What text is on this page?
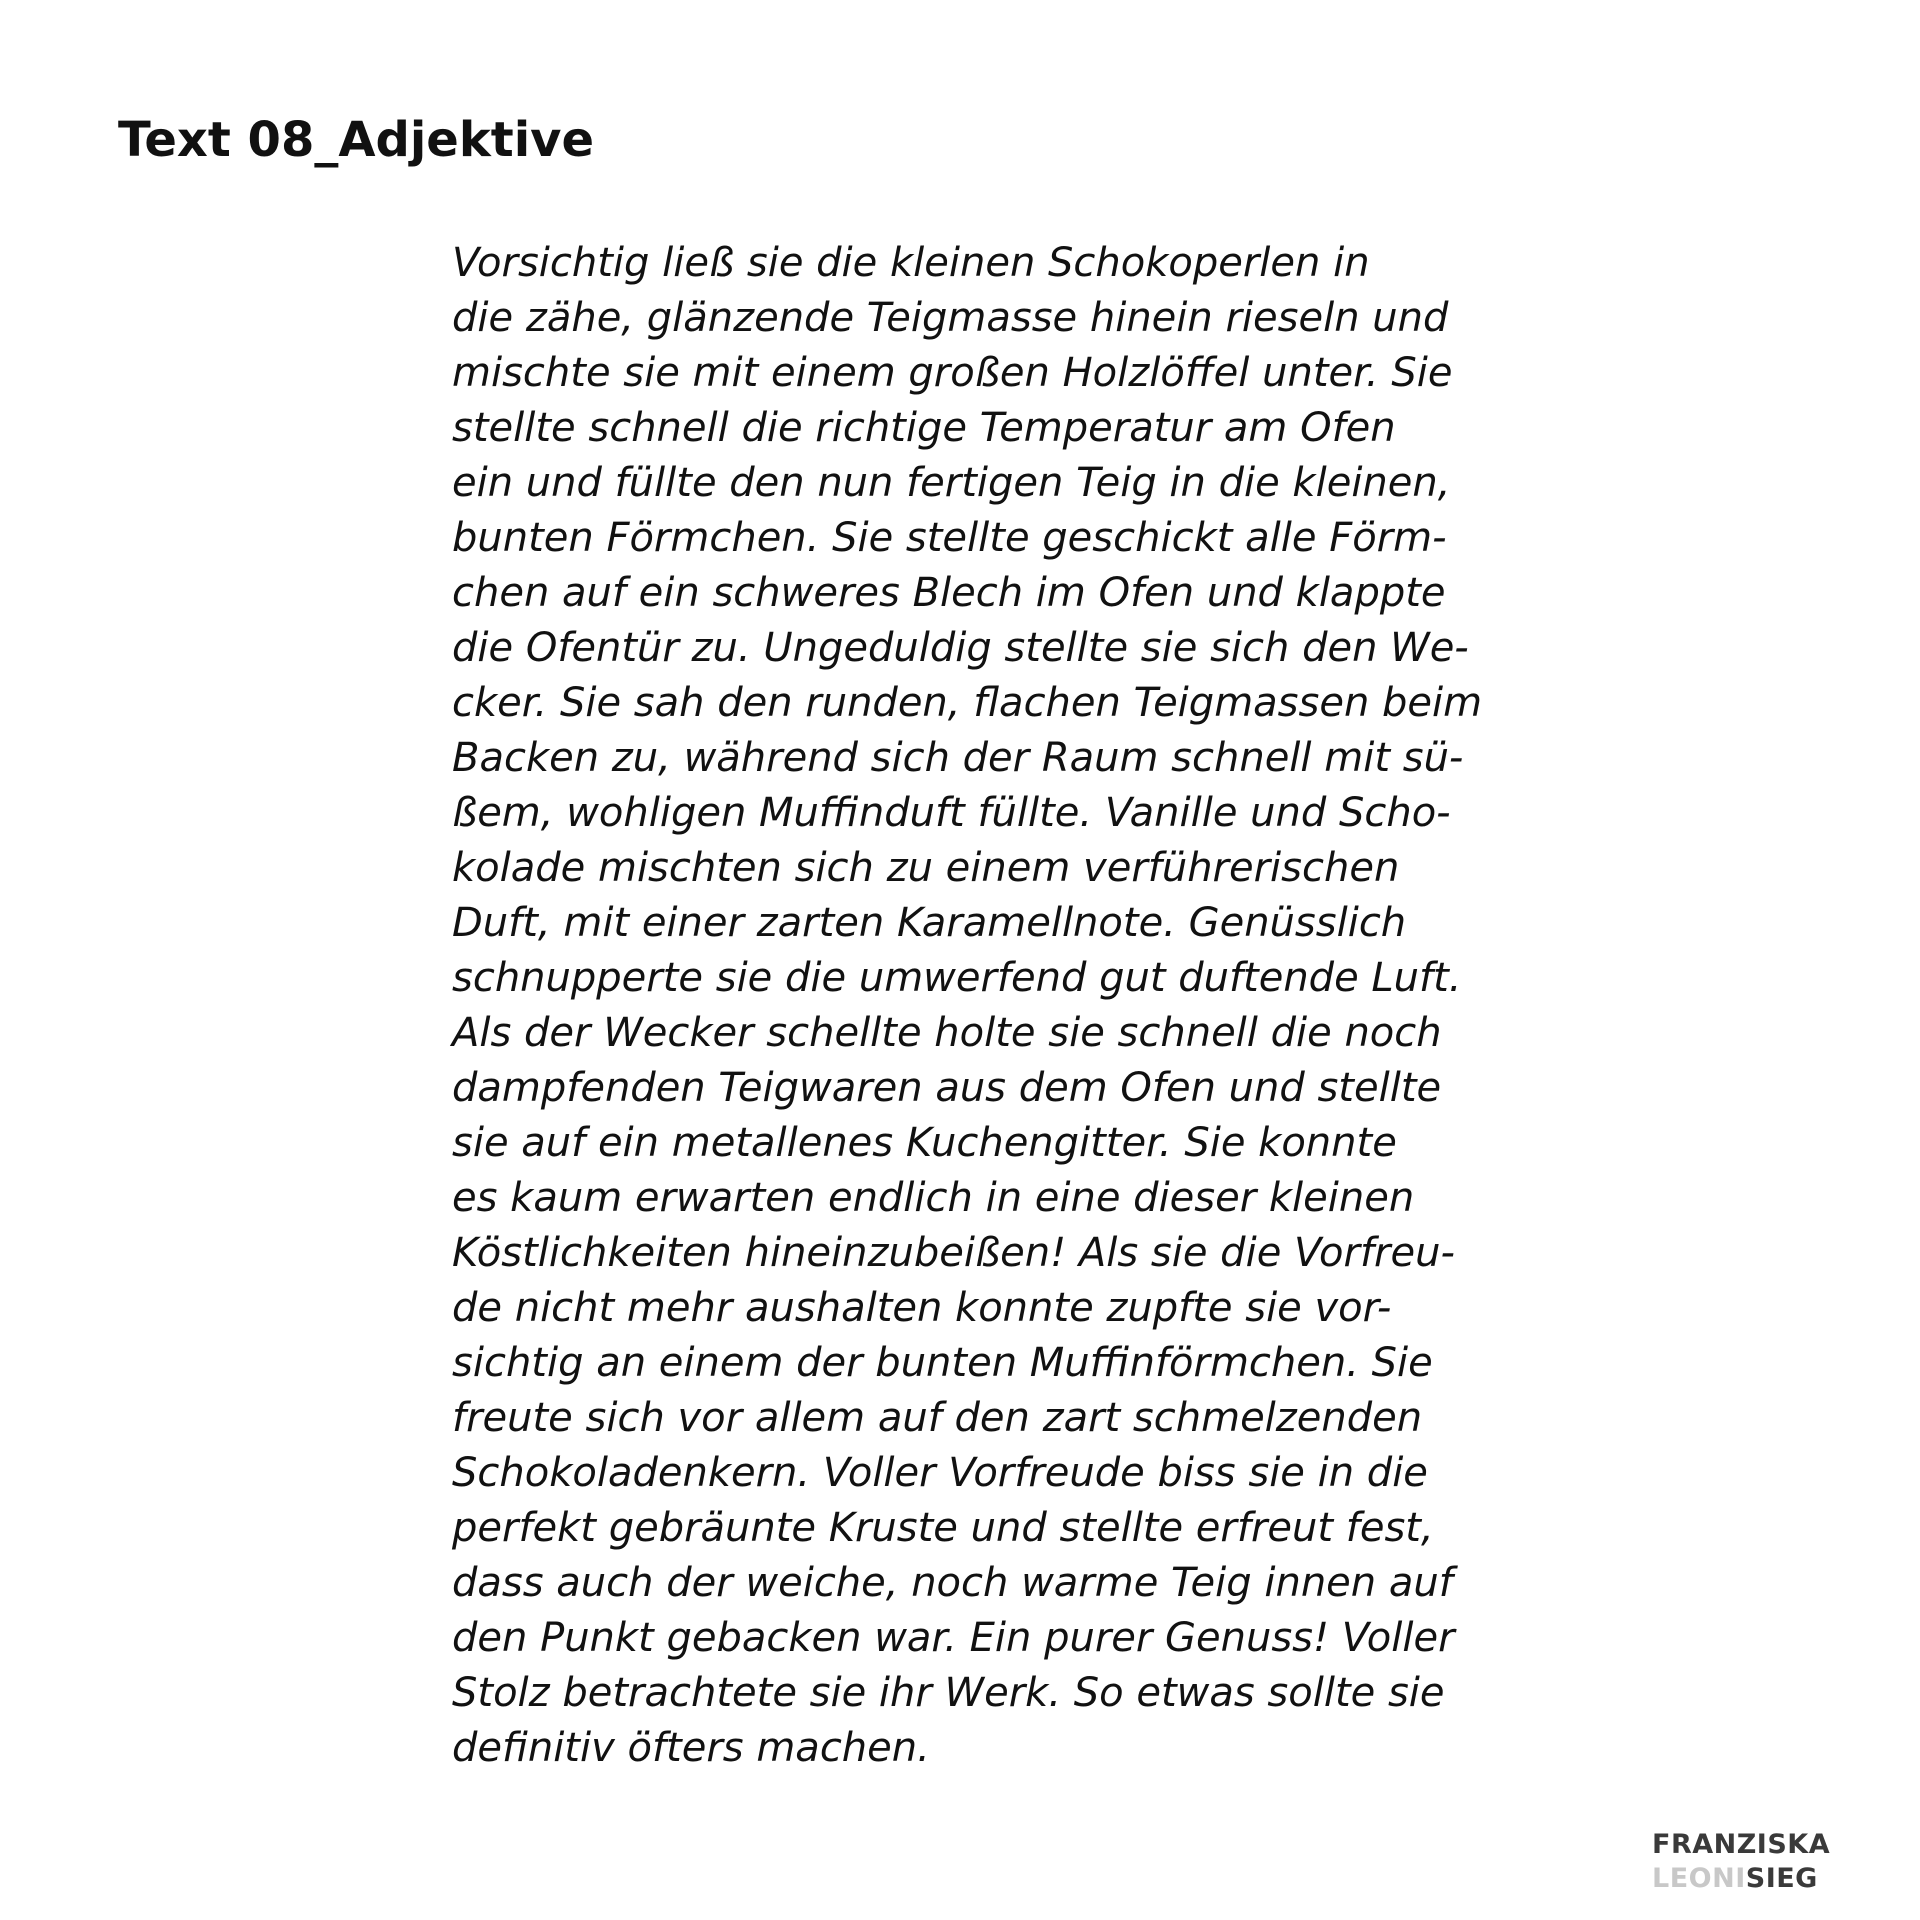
Text 08_Adjektive
Vorsichtig ließ sie die kleinen Schokoperlen in
die zähe, glänzende Teigmasse hinein rieseln und
mischte sie mit einem großen Holzlöffel unter. Sie
stellte schnell die richtige Temperatur am Ofen
ein und füllte den nun fertigen Teig in die kleinen,
bunten Förmchen. Sie stellte geschickt alle Förm-
chen auf ein schweres Blech im Ofen und klappte
die Ofentür zu. Ungeduldig stellte sie sich den We-
cker. Sie sah den runden, flachen Teigmassen beim
Backen zu, während sich der Raum schnell mit sü-
ßem, wohligen Muffinduft füllte. Vanille und Scho-
kolade mischten sich zu einem verführerischen
Duft, mit einer zarten Karamellnote. Genüsslich
schnupperte sie die umwerfend gut duftende Luft.
Als der Wecker schellte holte sie schnell die noch
dampfenden Teigwaren aus dem Ofen und stellte
sie auf ein metallenes Kuchengitter. Sie konnte
es kaum erwarten endlich in eine dieser kleinen
Köstlichkeiten hineinzubeißen! Als sie die Vorfreu-
de nicht mehr aushalten konnte zupfte sie vor-
sichtig an einem der bunten Muffinförmchen. Sie
freute sich vor allem auf den zart schmelzenden
Schokoladenkern. Voller Vorfreude biss sie in die
perfekt gebräunte Kruste und stellte erfreut fest,
dass auch der weiche, noch warme Teig innen auf
den Punkt gebacken war. Ein purer Genuss! Voller
Stolz betrachtete sie ihr Werk. So etwas sollte sie
definitiv öfters machen.
FRANZISKA
LEONISIEG
